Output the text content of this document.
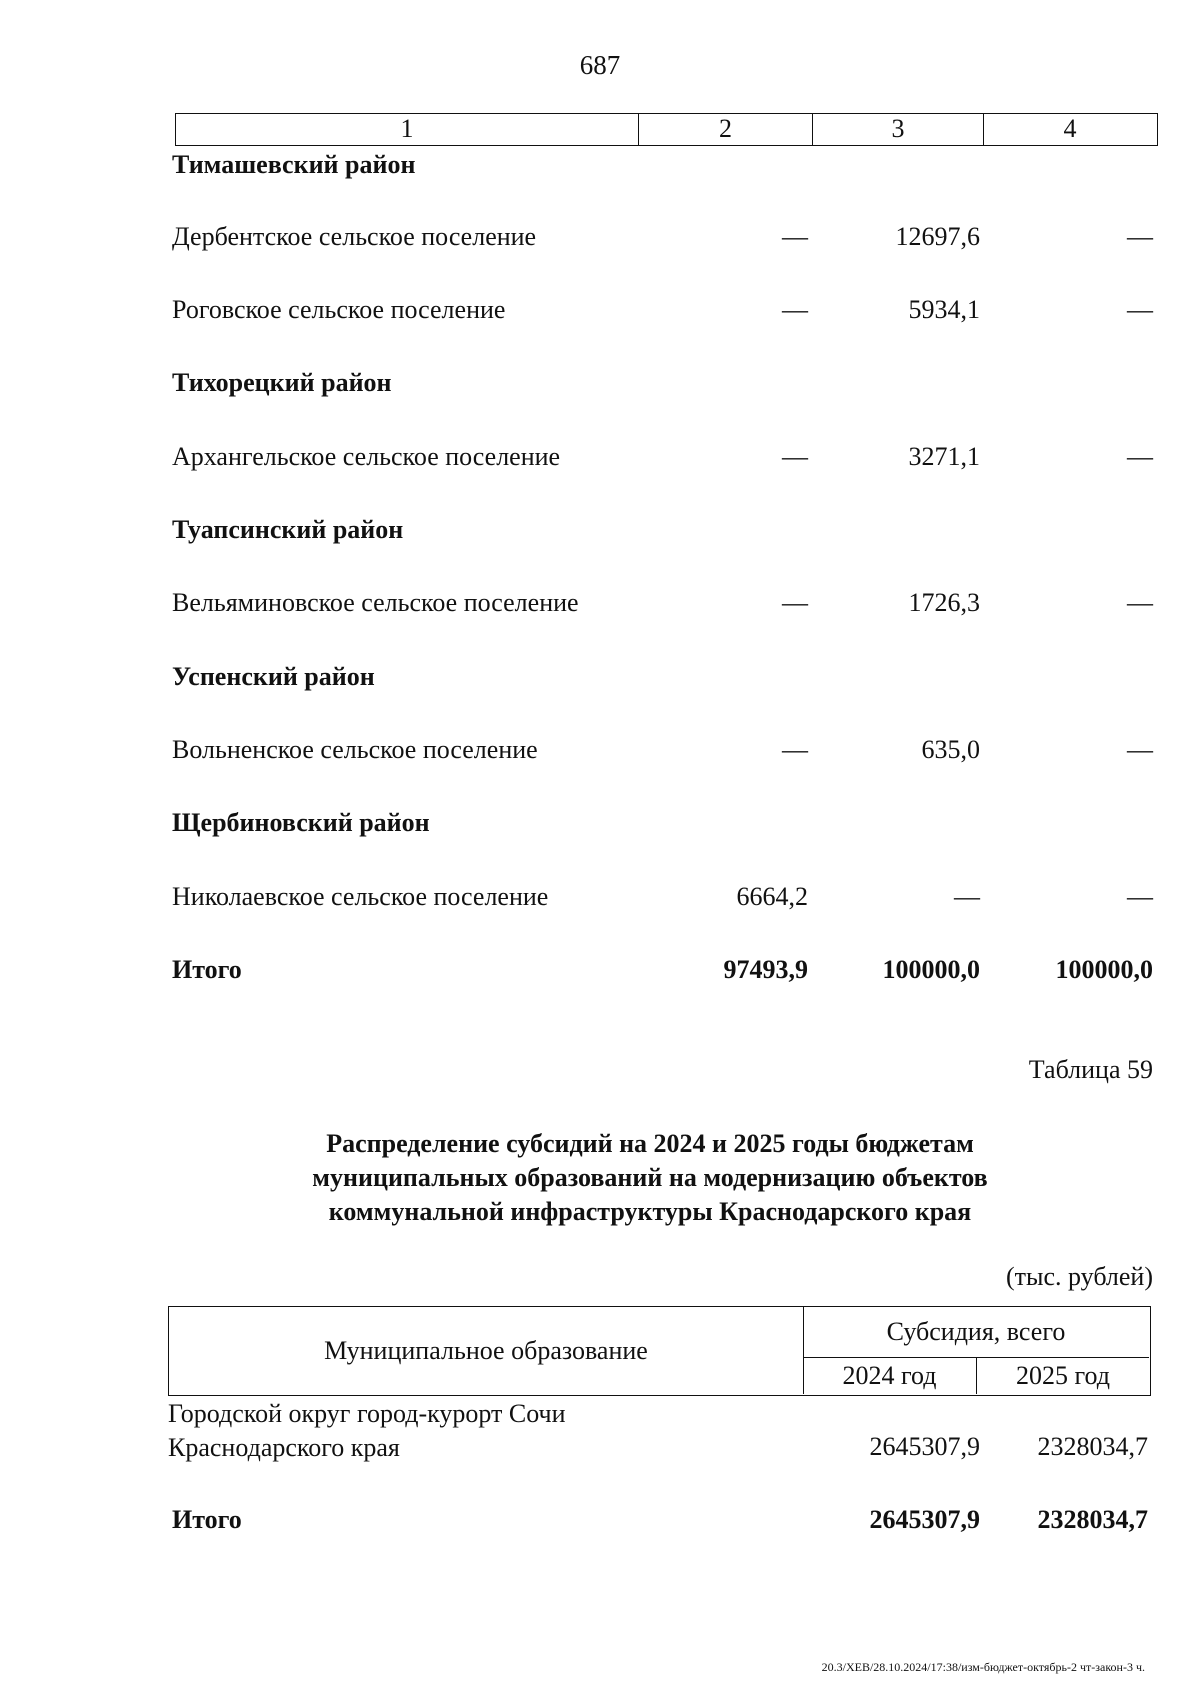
687
1	2	3	4
Тимашевский район
Дербентское сельское поселение	—	12697,6	—
Роговское сельское поселение	—	5934,1	—
Тихорецкий район
Архангельское сельское поселение	—	3271,1	—
Туапсинский район
Вельяминовское сельское поселение	—	1726,3	—
Успенский район
Вольненское сельское поселение	—	635,0	—
Щербиновский район
Николаевское сельское поселение	6664,2	—	—
Итого	97493,9	100000,0	100000,0
Таблица 59
Распределение субсидий на 2024 и 2025 годы бюджетам
муниципальных образований на модернизацию объектов
коммунальной инфраструктуры Краснодарского края
(тыс. рублей)
Муниципальное образование
Субсидия, всего
2024 год	2025 год
Городской округ город-курорт Сочи
Краснодарского края	2645307,9 2328034,7
Итого	2645307,9 2328034,7
20.3/ХЕВ/28.10.2024/17:38/изм-бюджет-октябрь-2 чт-закон-3 ч.
